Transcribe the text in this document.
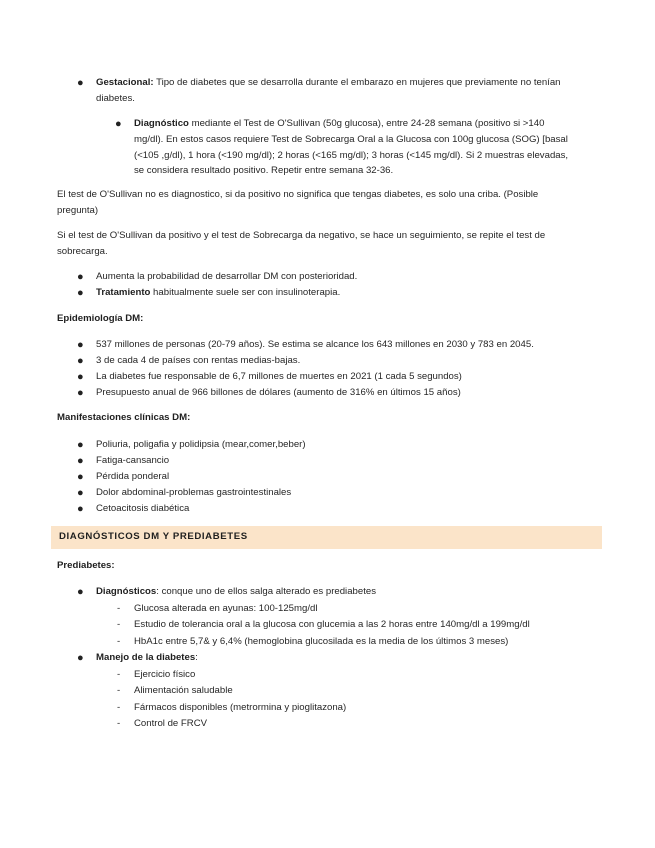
● Gestacional: Tipo de diabetes que se desarrolla durante el embarazo en mujeres que previamente no tenían
diabetes.
● Diagnóstico mediante el Test de O'Sullivan (50g glucosa), entre 24-28 semana (positivo si >140
mg/dl). En estos casos requiere Test de Sobrecarga Oral a la Glucosa con 100g glucosa (SOG) [basal
(<105 ,g/dl), 1 hora (<190 mg/dl); 2 horas (<165 mg/dl); 3 horas (<145 mg/dl). Si 2 muestras elevadas,
se considera resultado positivo. Repetir entre semana 32-36.
El test de O'Sullivan no es diagnostico, si da positivo no significa que tengas diabetes, es solo una criba. (Posible
pregunta)
Si el test de O'Sullivan da positivo y el test de Sobrecarga da negativo, se hace un seguimiento, se repite el test de
sobrecarga.
● Aumenta la probabilidad de desarrollar DM con posterioridad.
● Tratamiento habitualmente suele ser con insulinoterapia.
Epidemiología DM:
● 537 millones de personas (20-79 años). Se estima se alcance los 643 millones en 2030 y 783 en 2045.
● 3 de cada 4 de países con rentas medias-bajas.
● La diabetes fue responsable de 6,7 millones de muertes en 2021 (1 cada 5 segundos)
● Presupuesto anual de 966 billones de dólares (aumento de 316% en últimos 15 años)
Manifestaciones clínicas DM:
● Poliuria, poligafia y polidipsia (mear,comer,beber)
● Fatiga-cansancio
● Pérdida ponderal
● Dolor abdominal-problemas gastrointestinales
● Cetoacitosis diabética
DIAGNÓSTICOS DM Y PREDIABETES
Prediabetes:
● Diagnósticos: conque uno de ellos salga alterado es prediabetes
- Glucosa alterada en ayunas: 100-125mg/dl
- Estudio de tolerancia oral a la glucosa con glucemia a las 2 horas entre 140mg/dl a 199mg/dl
- HbA1c entre 5,7& y 6,4% (hemoglobina glucosilada es la media de los últimos 3 meses)
● Manejo de la diabetes:
- Ejercicio físico
- Alimentación saludable
- Fármacos disponibles (metrormina y pioglitazona)
- Control de FRCV
